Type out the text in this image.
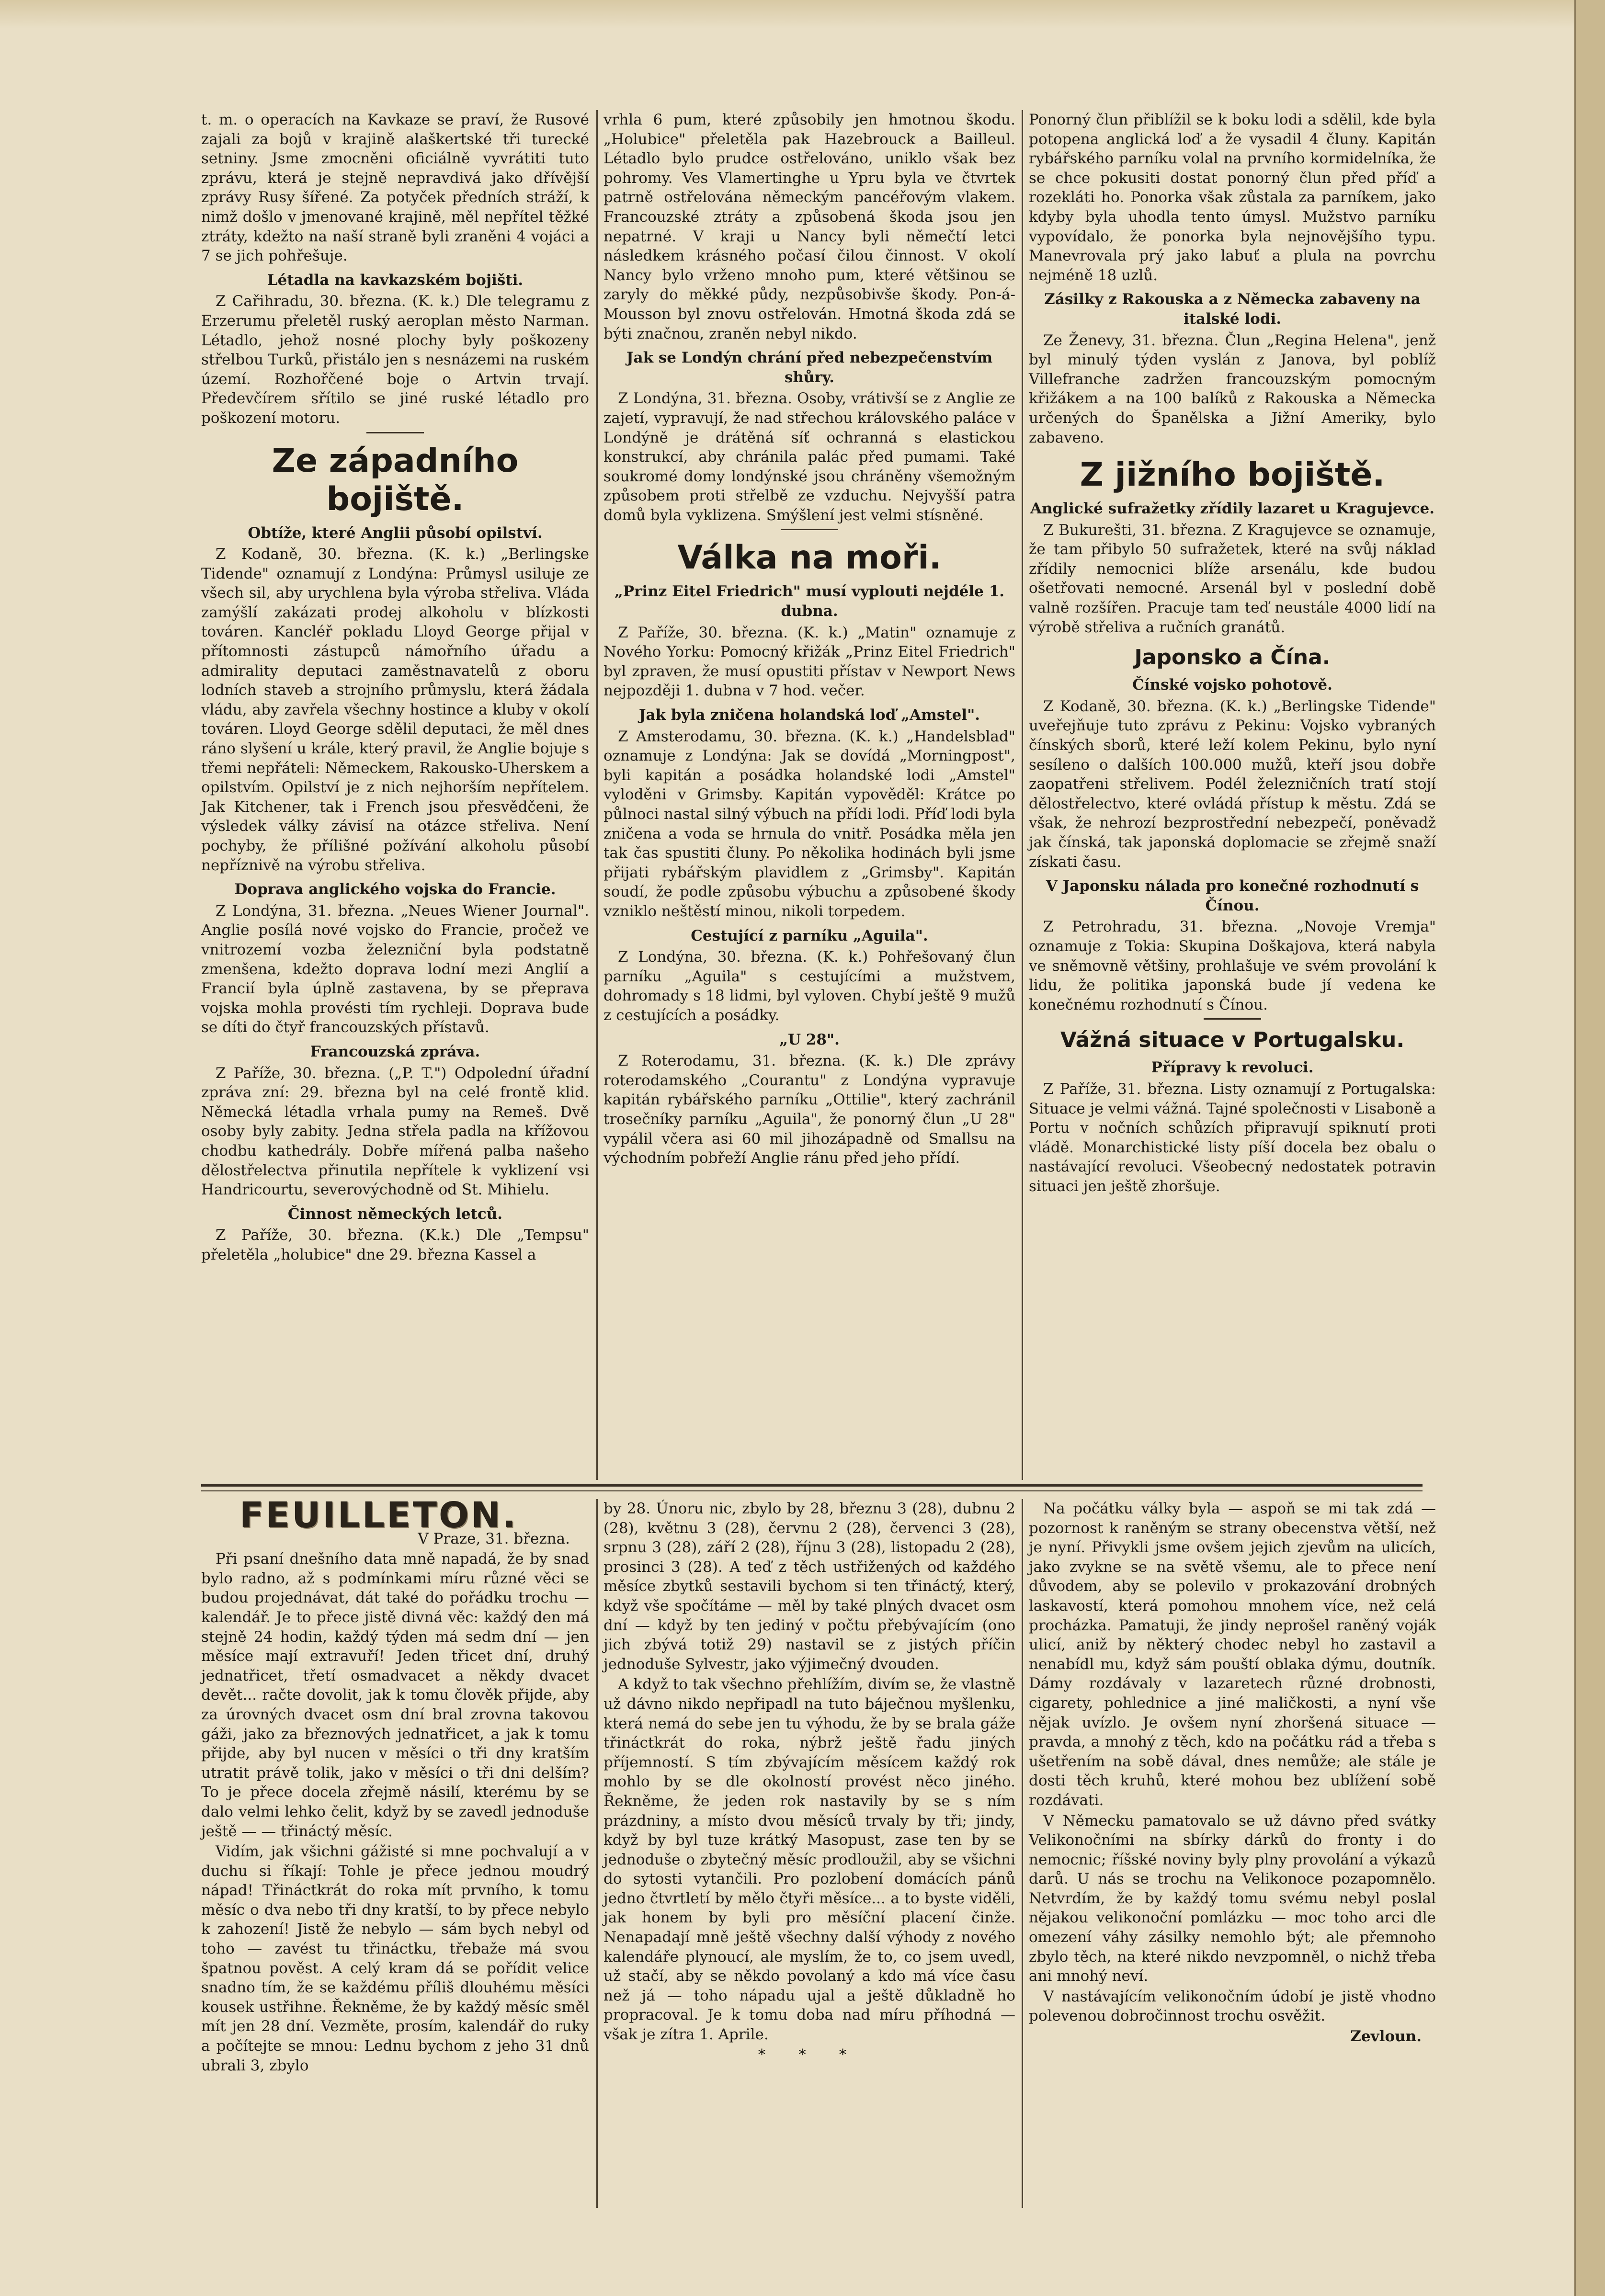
t. m. o operacích na Kavkaze se praví, že Rusové zajali za bojů v krajině alaškertské tři turecké setniny. Jsme zmocněni oficiálně vyvrátiti tuto zprávu, která je stejně nepravdivá jako dřívější zprávy Rusy šířené. Za potyček předních stráží, k nimž došlo v jmenované krajině, měl nepřítel těžké ztráty, kdežto na naší straně byli zraněni 4 vojáci a 7 se jich pohřešuje.

Létadla na kavkazském bojišti.

Z Cařihradu, 30. března. (K. k.) Dle telegramu z Erzerumu přeletěl ruský aeroplan město Narman. Létadlo, jehož nosné plochy byly poškozeny střelbou Turků, přistálo jen s nesnázemi na ruském území. Rozhořčené boje o Artvin trvají. Předevčírem sřítilo se jiné ruské létadlo pro poškození motoru.

Ze západního bojiště.
Obtíže, které Anglii působí opilství.

Z Kodaně, 30. března. (K. k.) „Berlingske Tidende" oznamují z Londýna: Průmysl usiluje ze všech sil, aby urychlena byla výroba střeliva. Vláda zamýšlí zakázati prodej alkoholu v blízkosti továren. Kancléř pokladu Lloyd George přijal v přítomnosti zástupců námořního úřadu a admirality deputaci zaměstnavatelů z oboru lodních staveb a strojního průmyslu, která žádala vládu, aby zavřela všechny hostince a kluby v okolí továren. Lloyd George sdělil deputaci, že měl dnes ráno slyšení u krále, který pravil, že Anglie bojuje s třemi nepřáteli: Německem, Rakousko-Uherskem a opilstvím. Opilství je z nich nejhorším nepřítelem. Jak Kitchener, tak i French jsou přesvědčeni, že výsledek války závisí na otázce střeliva. Není pochyby, že přílišné požívání alkoholu působí nepříznivě na výrobu střeliva.

Doprava anglického vojska do Francie.

Z Londýna, 31. března. „Neues Wiener Journal". Anglie posílá nové vojsko do Francie, pročež ve vnitrozemí vozba železniční byla podstatně zmenšena, kdežto doprava lodní mezi Anglií a Francií byla úplně zastavena, by se přeprava vojska mohla provésti tím rychleji. Doprava bude se díti do čtyř francouzských přístavů.

Francouzská zpráva.

Z Paříže, 30. března. („P. T.") Odpolední úřadní zpráva zní: 29. března byl na celé frontě klid. Německá létadla vrhala pumy na Remeš. Dvě osoby byly zabity. Jedna střela padla na křížovou chodbu kathedrály. Dobře mířená palba našeho dělostřelectva přinutila nepřítele k vyklizení vsi Handricourtu, severovýchodně od St. Mihielu.

Činnost německých letců.

Z Paříže, 30. března. (K.k.) Dle „Tempsu" přeletěla „holubice" dne 29. března Kassel a

vrhla 6 pum, které způsobily jen hmotnou škodu. „Holubice" přeletěla pak Hazebrouck a Bailleul. Létadlo bylo prudce ostřelováno, uniklo však bez pohromy. Ves Vlamertinghe u Ypru byla ve čtvrtek patrně ostřelována německým pancéřovým vlakem. Francouzské ztráty a způsobená škoda jsou jen nepatrné. V kraji u Nancy byli němečtí letci následkem krásného počasí čilou činnost. V okolí Nancy bylo vrženo mnoho pum, které většinou se zaryly do měkké půdy, nezpůsobivše škody. Pon-á-Mousson byl znovu ostřelován. Hmotná škoda zdá se býti značnou, zraněn nebyl nikdo.

Jak se Londýn chrání před nebezpečenstvím shůry.

Z Londýna, 31. března. Osoby, vrátivší se z Anglie ze zajetí, vypravují, že nad střechou královského paláce v Londýně je drátěná síť ochranná s elastickou konstrukcí, aby chránila palác před pumami. Také soukromé domy londýnské jsou chráněny všemožným způsobem proti střelbě ze vzduchu. Nejvyšší patra domů byla vyklizena. Smýšlení jest velmi stísněné.

Válka na moři.
„Prinz Eitel Friedrich" musí vyplouti nejdéle 1. dubna.

Z Paříže, 30. března. (K. k.) „Matin" oznamuje z Nového Yorku: Pomocný křižák „Prinz Eitel Friedrich" byl zpraven, že musí opustiti přístav v Newport News nejpozději 1. dubna v 7 hod. večer.

Jak byla zničena holandská loď „Amstel".

Z Amsterodamu, 30. března. (K. k.) „Handelsblad" oznamuje z Londýna: Jak se dovídá „Morningpost", byli kapitán a posádka holandské lodi „Amstel" vyloděni v Grimsby. Kapitán vypověděl: Krátce po půlnoci nastal silný výbuch na přídi lodi. Příď lodi byla zničena a voda se hrnula do vnitř. Posádka měla jen tak čas spustiti čluny. Po několika hodinách byli jsme přijati rybářským plavidlem z „Grimsby". Kapitán soudí, že podle způsobu výbuchu a způsobené škody vzniklo neštěstí minou, nikoli torpedem.

Cestující z parníku „Aguila".

Z Londýna, 30. března. (K. k.) Pohřešovaný člun parníku „Aguila" s cestujícími a mužstvem, dohromady s 18 lidmi, byl vyloven. Chybí ještě 9 mužů z cestujících a posádky.

„U 28".

Z Roterodamu, 31. března. (K. k.) Dle zprávy roterodamského „Courantu" z Londýna vypravuje kapitán rybářského parníku „Ottilie", který zachránil trosečníky parníku „Aguila", že ponorný člun „U 28" vypálil včera asi 60 mil jihozápadně od Smallsu na východním pobřeží Anglie ránu před jeho přídí.

Ponorný člun přiblížil se k boku lodi a sdělil, kde byla potopena anglická loď a že vysadil 4 čluny. Kapitán rybářského parníku volal na prvního kormidelníka, že se chce pokusiti dostat ponorný člun před příď a rozekláti ho. Ponorka však zůstala za parníkem, jako kdyby byla uhodla tento úmysl. Mužstvo parníku vypovídalo, že ponorka byla nejnovějšího typu. Manevrovala prý jako labuť a plula na povrchu nejméně 18 uzlů.

Zásilky z Rakouska a z Německa zabaveny na italské lodi.

Ze Ženevy, 31. března. Člun „Regina Helena", jenž byl minulý týden vyslán z Janova, byl poblíž Villefranche zadržen francouzským pomocným křižákem a na 100 balíků z Rakouska a Německa určených do Španělska a Jižní Ameriky, bylo zabaveno.

Z jižního bojiště.
Anglické sufražetky zřídily lazaret u Kragujevce.

Z Bukurešti, 31. března. Z Kragujevce se oznamuje, že tam přibylo 50 sufražetek, které na svůj náklad zřídily nemocnici blíže arsenálu, kde budou ošetřovati nemocné. Arsenál byl v poslední době valně rozšířen. Pracuje tam teď neustále 4000 lidí na výrobě střeliva a ručních granátů.

Japonsko a Čína.
Čínské vojsko pohotově.

Z Kodaně, 30. března. (K. k.) „Berlingske Tidende" uveřejňuje tuto zprávu z Pekinu: Vojsko vybraných čínských sborů, které leží kolem Pekinu, bylo nyní sesíleno o dalších 100.000 mužů, kteří jsou dobře zaopatřeni střelivem. Podél železničních tratí stojí dělostřelectvo, které ovládá přístup k městu. Zdá se však, že nehrozí bezprostřední nebezpečí, poněvadž jak čínská, tak japonská doplomacie se zřejmě snaží získati času.

V Japonsku nálada pro konečné rozhodnutí s Čínou.

Z Petrohradu, 31. března. „Novoje Vremja" oznamuje z Tokia: Skupina Doškajova, která nabyla ve sněmovně většiny, prohlašuje ve svém provolání k lidu, že politika japonská bude jí vedena ke konečnému rozhodnutí s Čínou.

Vážná situace v Portugalsku.
Přípravy k revoluci.

Z Paříže, 31. března. Listy oznamují z Portugalska: Situace je velmi vážná. Tajné společnosti v Lisaboně a Portu v nočních schůzích připravují spiknutí proti vládě. Monarchistické listy píší docela bez obalu o nastávající revoluci. Všeobecný nedostatek potravin situaci jen ještě zhoršuje.

FEUILLETON.

V Praze, 31. března.

Při psaní dnešního data mně napadá, že by snad bylo radno, až s podmínkami míru různé věci se budou projednávat, dát také do pořádku trochu — kalendář. Je to přece jistě divná věc: každý den má stejně 24 hodin, každý týden má sedm dní — jen měsíce mají extravuří! Jeden třicet dní, druhý jednatřicet, třetí osmadvacet a někdy dvacet devět... račte dovolit, jak k tomu člověk přijde, aby za úrovných dvacet osm dní bral zrovna takovou gáži, jako za březnových jednatřicet, a jak k tomu přijde, aby byl nucen v měsíci o tři dny kratším utratit právě tolik, jako v měsíci o tři dni delším? To je přece docela zřejmě násilí, kterému by se dalo velmi lehko čelit, když by se zavedl jednoduše ještě — — třináctý měsíc.

Vidím, jak všichni gážisté si mne pochvalují a v duchu si říkají: Tohle je přece jednou moudrý nápad! Třináctkrát do roka mít prvního, k tomu měsíc o dva nebo tři dny kratší, to by přece nebylo k zahození! Jistě že nebylo — sám bych nebyl od toho — zavést tu třináctku, třebaže má svou špatnou pověst. A celý kram dá se pořídit velice snadno tím, že se každému příliš dlouhému měsíci kousek ustřihne. Řekněme, že by každý měsíc směl mít jen 28 dní. Vezměte, prosím, kalendář do ruky a počítejte se mnou: Lednu bychom z jeho 31 dnů ubrali 3, zbylo

by 28. Únoru nic, zbylo by 28, březnu 3 (28), dubnu 2 (28), květnu 3 (28), červnu 2 (28), červenci 3 (28), srpnu 3 (28), září 2 (28), říjnu 3 (28), listopadu 2 (28), prosinci 3 (28). A teď z těch ustřižených od každého měsíce zbytků sestavili bychom si ten třináctý, který, když vše spočítáme — měl by také plných dvacet osm dní — když by ten jediný v počtu přebývajícím (ono jich zbývá totiž 29) nastavil se z jistých příčin jednoduše Sylvestr, jako výjimečný dvouden.

A když to tak všechno přehlížím, divím se, že vlastně už dávno nikdo nepřipadl na tuto báječnou myšlenku, která nemá do sebe jen tu výhodu, že by se brala gáže třináctkrát do roka, nýbrž ještě řadu jiných příjemností. S tím zbývajícím měsícem každý rok mohlo by se dle okolností provést něco jiného. Řekněme, že jeden rok nastavily by se s ním prázdniny, a místo dvou měsíců trvaly by tři; jindy, když by byl tuze krátký Masopust, zase ten by se jednoduše o zbytečný měsíc prodloužil, aby se všichni do sytosti vytančili. Pro pozlobení domácích pánů jedno čtvrtletí by mělo čtyři měsíce... a to byste viděli, jak honem by byli pro měsíční placení činže. Nenapadají mně ještě všechny další výhody z nového kalendáře plynoucí, ale myslím, že to, co jsem uvedl, už stačí, aby se někdo povolaný a kdo má více času než já — toho nápadu ujal a ještě důkladně ho propracoval. Je k tomu doba nad míru příhodná — však je zítra 1. Aprile.

* * *

Na počátku války byla — aspoň se mi tak zdá — pozornost k raněným se strany obecenstva větší, než je nyní. Přivykli jsme ovšem jejich zjevům na ulicích, jako zvykne se na světě všemu, ale to přece není důvodem, aby se polevilo v prokazování drobných laskavostí, která pomohou mnohem více, než celá procházka. Pamatuji, že jindy neprošel raněný voják ulicí, aniž by některý chodec nebyl ho zastavil a nenabídl mu, když sám pouští oblaka dýmu, doutník. Dámy rozdávaly v lazaretech různé drobnosti, cigarety, pohlednice a jiné maličkosti, a nyní vše nějak uvízlo. Je ovšem nyní zhoršená situace — pravda, a mnohý z těch, kdo na počátku rád a třeba s ušetřením na sobě dával, dnes nemůže; ale stále je dosti těch kruhů, které mohou bez ublížení sobě rozdávati.

V Německu pamatovalo se už dávno před svátky Velikonočními na sbírky dárků do fronty i do nemocnic; říšské noviny byly plny provolání a výkazů darů. U nás se trochu na Velikonoce pozapomnělo. Netvrdím, že by každý tomu svému nebyl poslal nějakou velikonoční pomlázku — moc toho arci dle omezení váhy zásilky nemohlo být; ale přemnoho zbylo těch, na které nikdo nevzpomněl, o nichž třeba ani mnohý neví.

V nastávajícím velikonočním údobí je jistě vhodno polevenou dobročinnost trochu osvěžit.

Zevloun.
